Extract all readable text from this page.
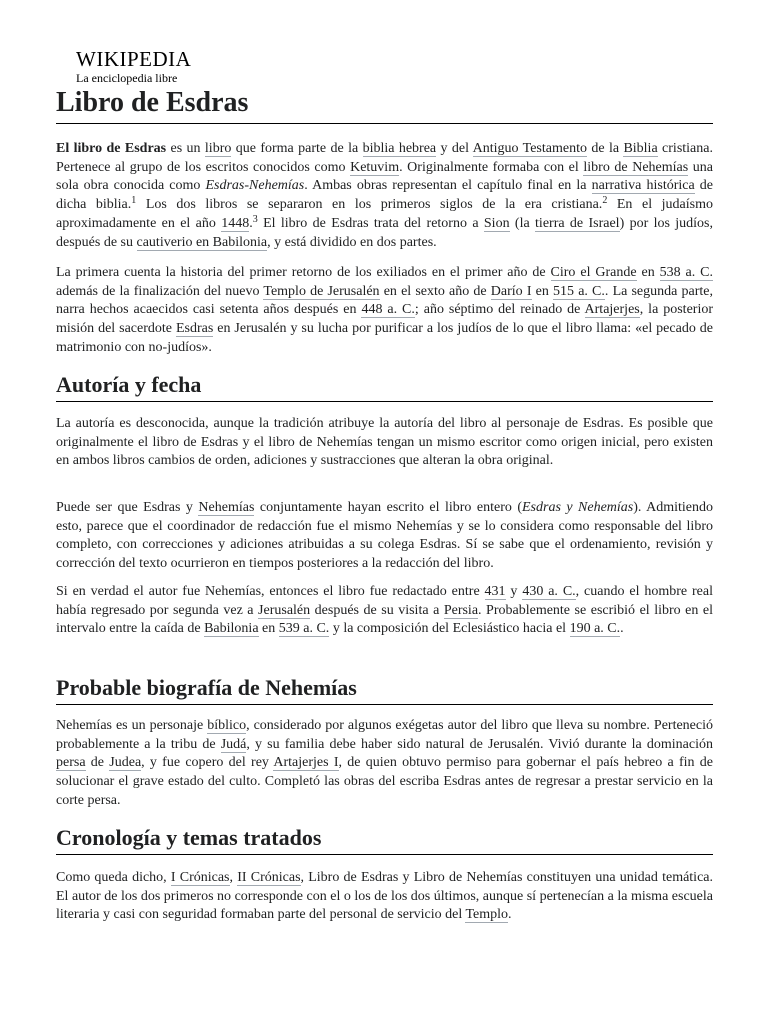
WIKIPEDIA
La enciclopedia libre
Libro de Esdras

El libro de Esdras es un libro que forma parte de la biblia hebrea y del Antiguo Testamento de la Biblia cristiana. Pertenece al grupo de los escritos conocidos como Ketuvim. Originalmente formaba con el libro de Nehemías una sola obra conocida como Esdras-Nehemías. Ambas obras representan el capítulo final en la narrativa histórica de dicha biblia.$^1$ Los dos libros se separaron en los primeros siglos de la era cristiana.$^2$ En el judaísmo aproximadamente en el año 1448.$^3$ El libro de Esdras trata del retorno a Sion (la tierra de Israel) por los judíos, después de su cautiverio en Babilonia, y está dividido en dos partes.

La primera cuenta la historia del primer retorno de los exiliados en el primer año de Ciro el Grande en 538 a. C. además de la finalización del nuevo Templo de Jerusalén en el sexto año de Darío I en 515 a. C.. La segunda parte, narra hechos acaecidos casi setenta años después en 448 a. C.; año séptimo del reinado de Artajerjes, la posterior misión del sacerdote Esdras en Jerusalén y su lucha por purificar a los judíos de lo que el libro llama: «el pecado de matrimonio con no-judíos».

Autoría y fecha

La autoría es desconocida, aunque la tradición atribuye la autoría del libro al personaje de Esdras. Es posible que originalmente el libro de Esdras y el libro de Nehemías tengan un mismo escritor como origen inicial, pero existen en ambos libros cambios de orden, adiciones y sustracciones que alteran la obra original.

Puede ser que Esdras y Nehemías conjuntamente hayan escrito el libro entero (Esdras y Nehemías). Admitiendo esto, parece que el coordinador de redacción fue el mismo Nehemías y se lo considera como responsable del libro completo, con correcciones y adiciones atribuidas a su colega Esdras. Sí se sabe que el ordenamiento, revisión y corrección del texto ocurrieron en tiempos posteriores a la redacción del libro.

Si en verdad el autor fue Nehemías, entonces el libro fue redactado entre 431 y 430 a. C., cuando el hombre real había regresado por segunda vez a Jerusalén después de su visita a Persia. Probablemente se escribió el libro en el intervalo entre la caída de Babilonia en 539 a. C. y la composición del Eclesiástico hacia el 190 a. C..

Probable biografía de Nehemías

Nehemías es un personaje bíblico, considerado por algunos exégetas autor del libro que lleva su nombre. Perteneció probablemente a la tribu de Judá, y su familia debe haber sido natural de Jerusalén. Vivió durante la dominación persa de Judea, y fue copero del rey Artajerjes I, de quien obtuvo permiso para gobernar el país hebreo a fin de solucionar el grave estado del culto. Completó las obras del escriba Esdras antes de regresar a prestar servicio en la corte persa.

Cronología y temas tratados

Como queda dicho, I Crónicas, II Crónicas, Libro de Esdras y Libro de Nehemías constituyen una unidad temática. El autor de los dos primeros no corresponde con el o los de los dos últimos, aunque sí pertenecían a la misma escuela literaria y casi con seguridad formaban parte del personal de servicio del Templo.
